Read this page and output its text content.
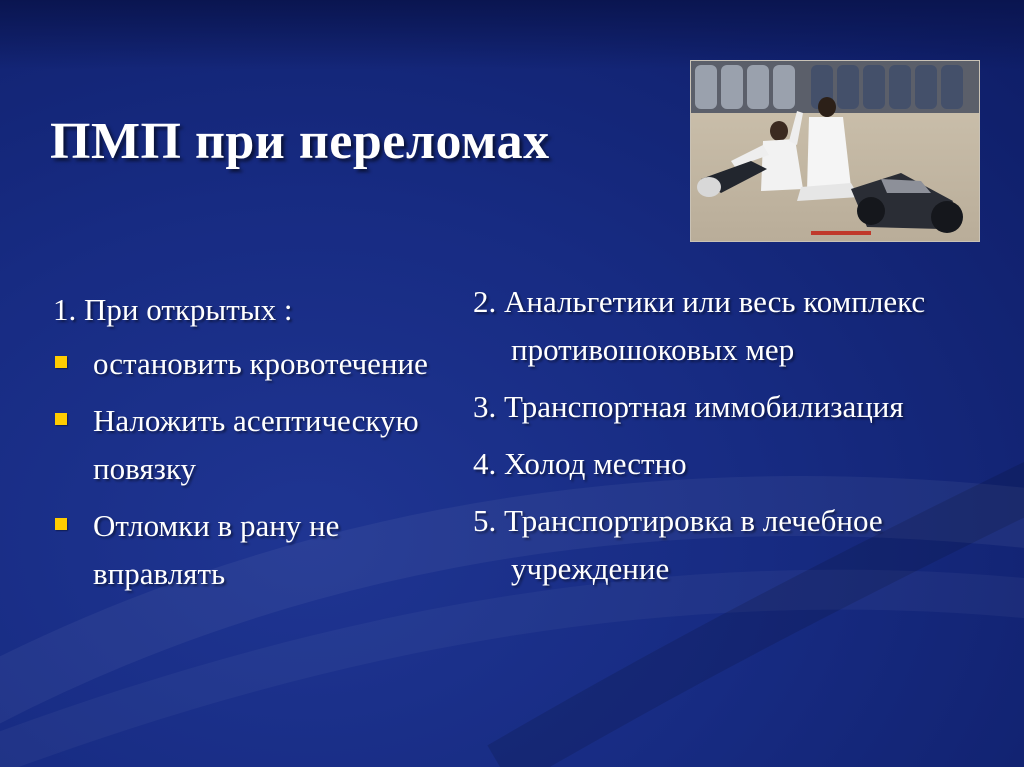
ПМП при переломах
1. При открытых :
остановить кровотечение
Наложить асептическую повязку
Отломки в рану не вправлять
2. Анальгетики или весь комплекс противошоковых мер
3. Транспортная иммобилизация
4. Холод местно
5. Транспортировка в лечебное учреждение
